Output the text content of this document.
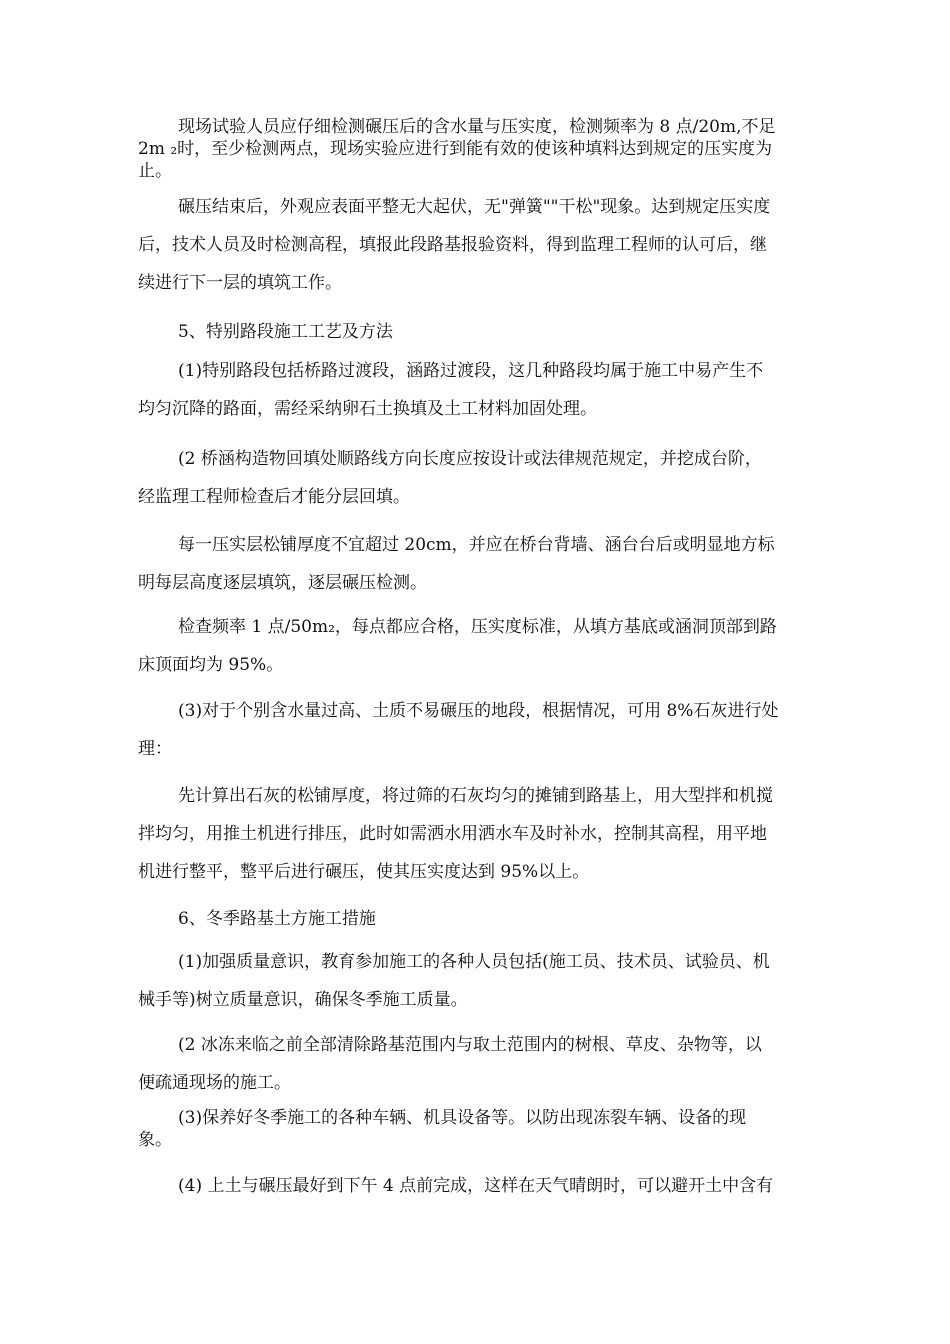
现场试验人员应仔细检测碾压后的含水量与压实度，检测频率为 8 点/20m,不足
2m ₂时，至少检测两点，现场实验应进行到能有效的使该种填料达到规定的压实度为
止。
碾压结束后，外观应表面平整无大起伏，无"弹簧""干松"现象。达到规定压实度
后，技术人员及时检测高程，填报此段路基报验资料，得到监理工程师的认可后，继
续进行下一层的填筑工作。
5、特别路段施工工艺及方法
(1)特别路段包括桥路过渡段，涵路过渡段，这几种路段均属于施工中易产生不
均匀沉降的路面，需经采纳卵石土换填及土工材料加固处理。
(2 桥涵构造物回填处顺路线方向长度应按设计或法律规范规定，并挖成台阶，
经监理工程师检查后才能分层回填。
每一压实层松铺厚度不宜超过 20cm，并应在桥台背墙、涵台台后或明显地方标
明每层高度逐层填筑，逐层碾压检测。
检查频率 1 点/50m₂，每点都应合格，压实度标准，从填方基底或涵洞顶部到路
床顶面均为 95%。
(3)对于个别含水量过高、土质不易碾压的地段，根据情况，可用 8%石灰进行处
理：
先计算出石灰的松铺厚度，将过筛的石灰均匀的摊铺到路基上，用大型拌和机搅
拌均匀，用推土机进行排压，此时如需洒水用洒水车及时补水，控制其高程，用平地
机进行整平，整平后进行碾压，使其压实度达到 95%以上。
6、冬季路基土方施工措施
(1)加强质量意识，教育参加施工的各种人员包括(施工员、技术员、试验员、机
械手等)树立质量意识，确保冬季施工质量。
(2 冰冻来临之前全部清除路基范围内与取土范围内的树根、草皮、杂物等，以
便疏通现场的施工。
(3)保养好冬季施工的各种车辆、机具设备等。以防出现冻裂车辆、设备的现
象。
(4) 上土与碾压最好到下午 4 点前完成，这样在天气晴朗时，可以避开土中含有
